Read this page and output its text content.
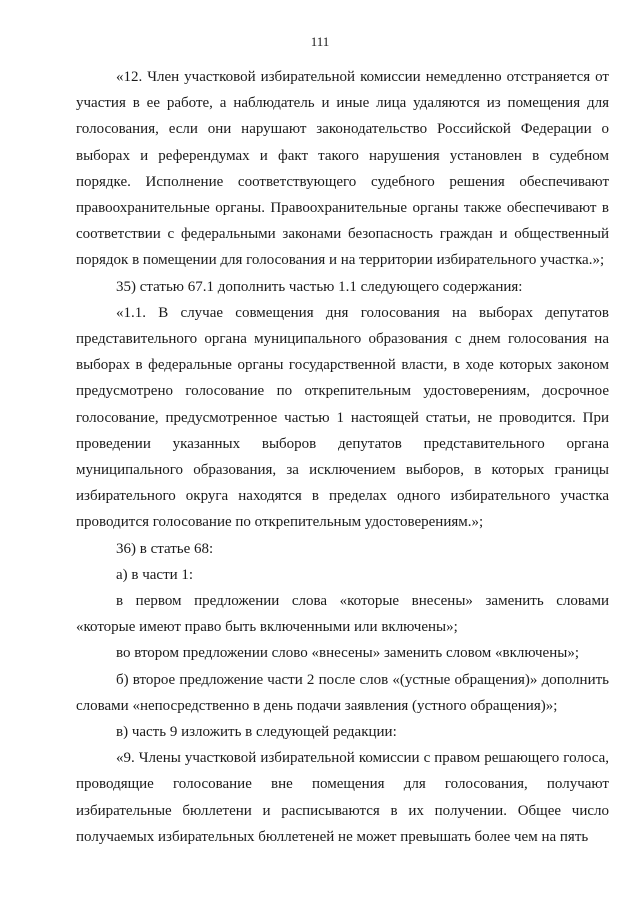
111

«12. Член участковой избирательной комиссии немедленно отстраняется от участия в ее работе, а наблюдатель и иные лица удаляются из помещения для голосования, если они нарушают законодательство Российской Федерации о выборах и референдумах и факт такого нарушения установлен в судебном порядке. Исполнение соответствующего судебного решения обеспечивают правоохранительные органы. Правоохранительные органы также обеспечивают в соответствии с федеральными законами безопасность граждан и общественный порядок в помещении для голосования и на территории избирательного участка.»;

35) статью 67.1 дополнить частью 1.1 следующего содержания:

«1.1. В случае совмещения дня голосования на выборах депутатов представительного органа муниципального образования с днем голосования на выборах в федеральные органы государственной власти, в ходе которых законом предусмотрено голосование по открепительным удостоверениям, досрочное голосование, предусмотренное частью 1 настоящей статьи, не проводится. При проведении указанных выборов депутатов представительного органа муниципального образования, за исключением выборов, в которых границы избирательного округа находятся в пределах одного избирательного участка проводится голосование по открепительным удостоверениям.»;

36) в статье 68:

а) в части 1:

в первом предложении слова «которые внесены» заменить словами «которые имеют право быть включенными или включены»;

во втором предложении слово «внесены» заменить словом «включены»;

б) второе предложение части 2 после слов «(устные обращения)» дополнить словами «непосредственно в день подачи заявления (устного обращения)»;

в) часть 9 изложить в следующей редакции:

«9. Члены участковой избирательной комиссии с правом решающего голоса, проводящие голосование вне помещения для голосования, получают избирательные бюллетени и расписываются в их получении. Общее число получаемых избирательных бюллетеней не может превышать более чем на пять
